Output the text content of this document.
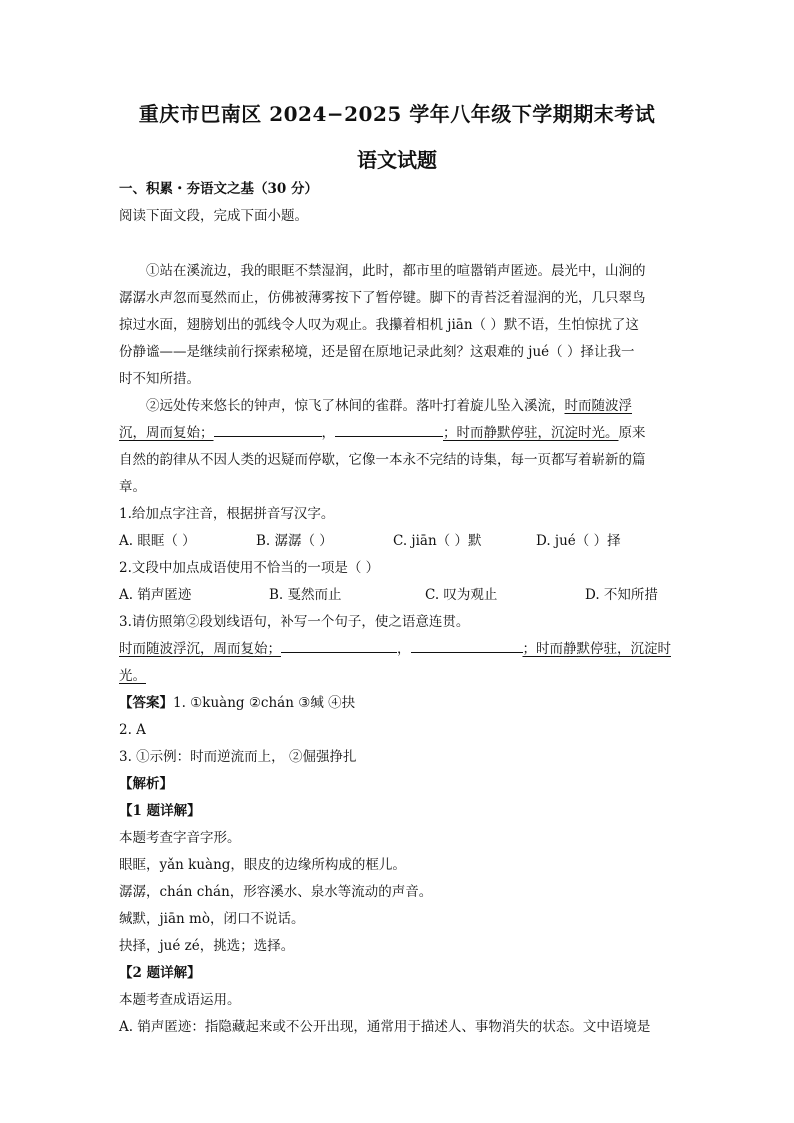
重庆市巴南区 2024−2025 学年八年级下学期期末考试
语文试题
一、积累・夯语文之基（30 分）
阅读下面文段，完成下面小题。
①站在溪流边，我的眼眶不禁湿润，此时，都市里的喧嚣销声匿迹。晨光中，山涧的
潺潺水声忽而戛然而止，仿佛被薄雾按下了暂停键。脚下的青苔泛着湿润的光，几只翠鸟
掠过水面，翅膀划出的弧线令人叹为观止。我攥着相机 jiān（ ）默不语，生怕惊扰了这
份静谧——是继续前行探索秘境，还是留在原地记录此刻？这艰难的 jué（ ）择让我一
时不知所措。
②远处传来悠长的钟声，惊飞了林间的雀群。落叶打着旋儿坠入溪流，时而随波浮
沉，周而复始；	，	；时而静默停驻，沉淀时光。原来
自然的韵律从不因人类的迟疑而停歇，它像一本永不完结的诗集，每一页都写着崭新的篇
章。
1.给加点字注音，根据拼音写汉字。
A. 眼眶（ ）	B. 潺潺（ ）	C. jiān（ ）默	D. jué（ ）择
2.文段中加点成语使用不恰当的一项是（ ）
A. 销声匿迹	B. 戛然而止	C. 叹为观止	D. 不知所措
3.请仿照第②段划线语句，补写一个句子，使之语意连贯。
时而随波浮沉，周而复始；	，	；时而静默停驻，沉淀时
光。
【答案】1. ①kuàng ②chán ③缄 ④抉
2. A
3. ①示例：时而逆流而上， ②倔强挣扎
【解析】
【1 题详解】
本题考查字音字形。
眼眶，yǎn kuàng，眼皮的边缘所构成的框儿。
潺潺，chán chán，形容溪水、泉水等流动的声音。
缄默，jiān mò，闭口不说话。
抉择，jué zé，挑选；选择。
【2 题详解】
本题考查成语运用。
A. 销声匿迹：指隐藏起来或不公开出现，通常用于描述人、事物消失的状态。文中语境是
